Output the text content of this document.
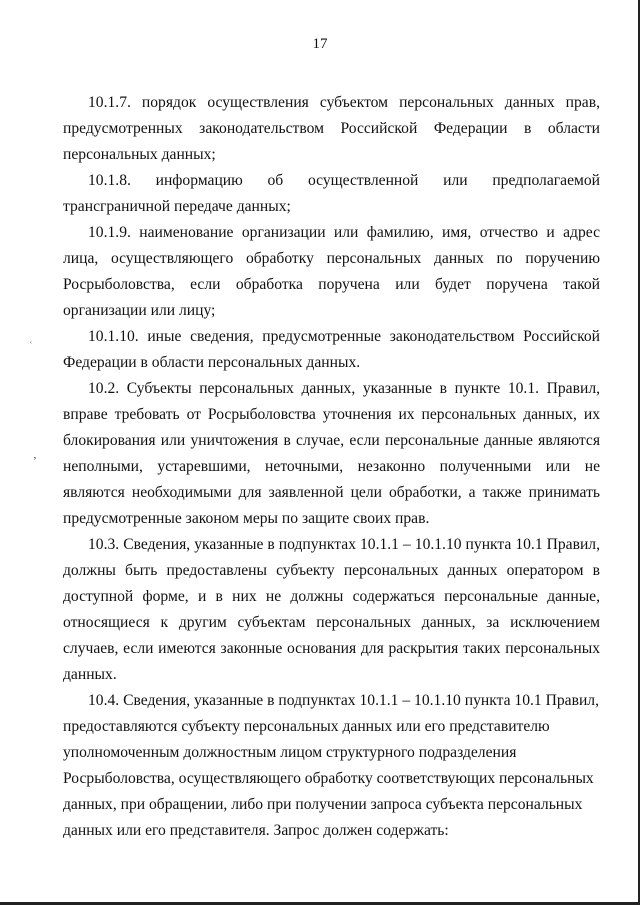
17

10.1.7. порядок осуществления субъектом персональных данных прав, предусмотренных законодательством Российской Федерации в области персональных данных;

10.1.8. информацию об осуществленной или предполагаемой трансграничной передаче данных;

10.1.9. наименование организации или фамилию, имя, отчество и адрес лица, осуществляющего обработку персональных данных по поручению Росрыболовства, если обработка поручена или будет поручена такой организации или лицу;

10.1.10. иные сведения, предусмотренные законодательством Российской Федерации в области персональных данных.

10.2. Субъекты персональных данных, указанные в пункте 10.1. Правил, вправе требовать от Росрыболовства уточнения их персональных данных, их блокирования или уничтожения в случае, если персональные данные являются неполными, устаревшими, неточными, незаконно полученными или не являются необходимыми для заявленной цели обработки, а также принимать предусмотренные законом меры по защите своих прав.

10.3. Сведения, указанные в подпунктах 10.1.1 – 10.1.10 пункта 10.1 Правил, должны быть предоставлены субъекту персональных данных оператором в доступной форме, и в них не должны содержаться персональные данные, относящиеся к другим субъектам персональных данных, за исключением случаев, если имеются законные основания для раскрытия таких персональных данных.

10.4. Сведения, указанные в подпунктах 10.1.1 – 10.1.10 пункта 10.1 Правил, предоставляются субъекту персональных данных или его представителю уполномоченным должностным лицом структурного подразделения Росрыболовства, осуществляющего обработку соответствующих персональных данных, при обращении, либо при получении запроса субъекта персональных данных или его представителя. Запрос должен содержать:

ʿ
ʼ
